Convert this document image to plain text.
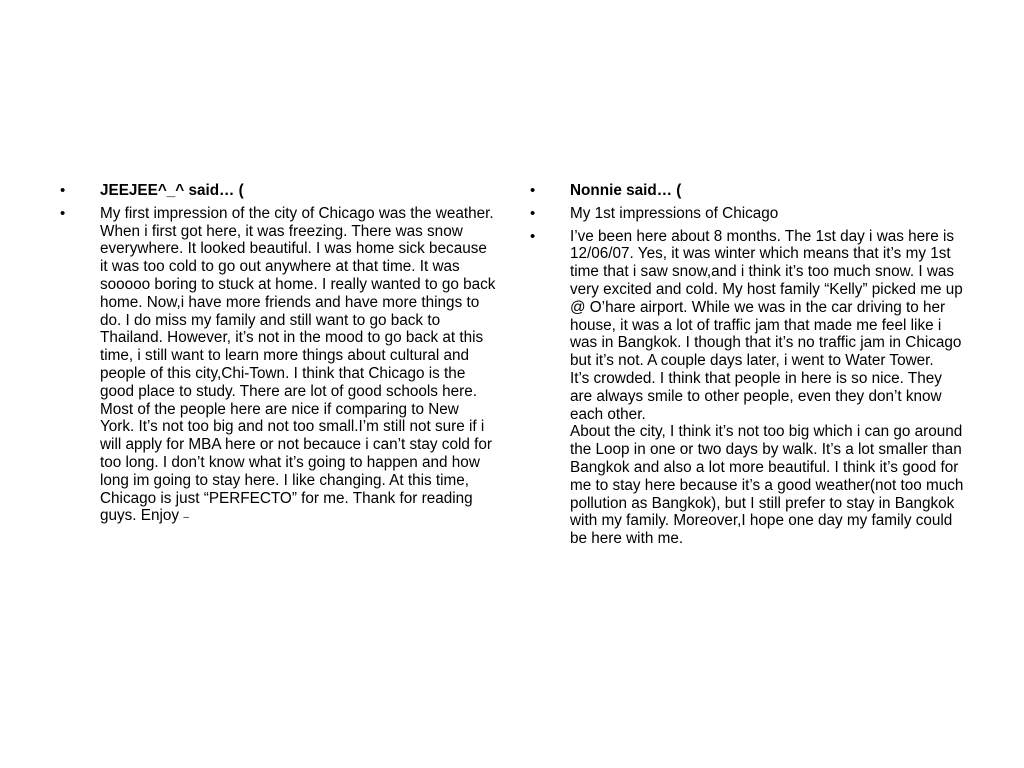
•	JEEJEE^_^ said… (
•	My first impression of the city of Chicago was the weather. When i first got here, it was freezing. There was snow everywhere. It looked beautiful. I was home sick because it was too cold to go out anywhere at that time. It was sooooo boring to stuck at home. I really wanted to go back home. Now,i have more friends and have more things to do. I do miss my family and still want to go back to Thailand. However, it’s not in the mood to go back at this time, i still want to learn more things about cultural and people of this city,Chi-Town. I think that Chicago is the good place to study. There are lot of good schools here.
Most of the people here are nice if comparing to New York. It’s not too big and not too small.I’m still not sure if i will apply for MBA here or not becauce i can’t stay cold for too long. I don’t know what it’s going to happen and how long im going to stay here. I like changing. At this time, Chicago is just “PERFECTO” for me. Thank for reading guys. Enjoy –
•	Nonnie said… (
•	My 1st impressions of Chicago
•	I’ve been here about 8 months. The 1st day i was here is 12/06/07. Yes, it was winter which means that it’s my 1st time that i saw snow,and i think it’s too much snow. I was very excited and cold. My host family “Kelly” picked me up @ O’hare airport. While we was in the car driving to her house, it was a lot of traffic jam that made me feel like i was in Bangkok. I though that it’s no traffic jam in Chicago but it’s not. A couple days later, i went to Water Tower.
It’s crowded. I think that people in here is so nice. They are always smile to other people, even they don’t know each other.
About the city, I think it’s not too big which i can go around the Loop in one or two days by walk. It’s a lot smaller than Bangkok and also a lot more beautiful. I think it’s good for me to stay here because it’s a good weather(not too much pollution as Bangkok), but I still prefer to stay in Bangkok with my family. Moreover,I hope one day my family could be here with me.
